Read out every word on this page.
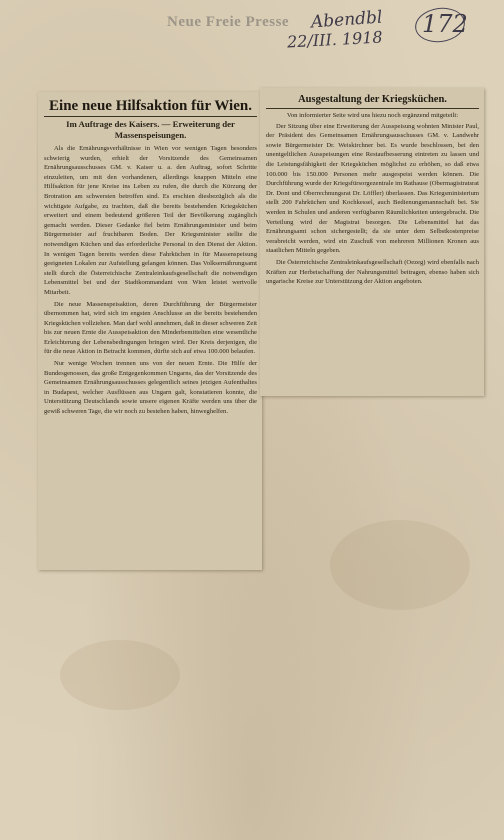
Neue Freie Presse Abendbl
22/III. 1918
172
Eine neue Hilfsaktion für Wien.
Im Auftrage des Kaisers. — Erweiterung der Massenspeisungen.

Als die Ernährungsverhältnisse in Wien vor wenigen Tagen besonders schwierig wurden, erhielt der Vorsitzende des Gemeinsamen Ernährungsausschusses GM. v. Kaiser u. a. den Auftrag, sofort Schritte einzuleiten, um mit den vorhandenen, allerdings knappen Mitteln eine Hilfsaktion für jene Kreise ins Leben zu rufen, die durch die Kürzung der Brotration am schwersten betroffen sind. Es erschien diesbezüglich als die wichtigste Aufgabe, zu trachten, daß die bereits bestehenden Kriegsküchen erweitert und einem bedeutend größeren Teil der Bevölkerung zugänglich gemacht werden. Dieser Gedanke fiel beim Ernährungsminister und beim Bürgermeister auf fruchtbaren Boden. Der Kriegsminister stellte die notwendigen Küchen und das erforderliche Personal in den Dienst der Aktion. In wenigen Tagen bereits werden diese Fahrküchen in für Massenspeisung geeigneten Lokalen zur Aufstellung gelangen können. Das Volksernährungsamt stellt durch die Österreichische Zentraleinkaufsgesellschaft die notwendigen Lebensmittel bei und der Stadtkommandant von Wien leistet wertvolle Mitarbeit.

Die neue Massenspeisaktion, deren Durchführung der Bürgermeister übernommen hat, wird sich im engsten Anschlusse an die bereits bestehenden Kriegsküchen vollziehen. Man darf wohl annehmen, daß in dieser schweren Zeit bis zur neuen Ernte die Ausspeisaktion den Minderbemittelten eine wesentliche Erleichterung der Lebensbedingungen bringen wird. Der Kreis derjenigen, die für die neue Aktion in Betracht kommen, dürfte sich auf etwa 100.000 belaufen.

Nur wenige Wochen trennen uns von der neuen Ernte. Die Hilfe der Bundesgenossen, das große Entgegenkommen Ungarns, das der Vorsitzende des Gemeinsamen Ernährungsausschusses gelegentlich seines jetzigen Aufenthaltes in Budapest, welcher Ausflüssen aus Ungarn galt, konstatieren konnte, die Unterstützung Deutschlands sowie unsere eigenen Kräfte werden uns über die gewiß schweren Tage, die wir noch zu bestehen haben, hinweghelfen.

Ausgestaltung der Kriegsküchen.
Von informierter Seite wird uns hiezu noch ergänzend mitgeteilt:

Der Sitzung über eine Erweiterung der Ausspeisung wohnten Minister Paul, der Präsident des Gemeinsamen Ernährungsausschusses GM. v. Landwehr sowie Bürgermeister Dr. Weiskirchner bei. Es wurde beschlossen, bei den unentgeltlichen Ausspeisungen eine Restaufbesserung eintreten zu lassen und die Leistungsfähigkeit der Kriegsküchen möglichst zu erhöhen, so daß etwa 100.000 bis 150.000 Personen mehr ausgespeist werden können. Die Durchführung wurde der Kriegsfürsorgezentrale im Rathause (Obermagistratsrat Dr. Dont und Oberrechnungsrat Dr. Löffler) überlassen. Das Kriegsministerium stellt 200 Fahrküchen und Kochkessel, auch Bedienungsmannschaft bei. Sie werden in Schulen und anderen verfügbaren Räumlichkeiten untergebracht. Die Verteilung wird der Magistrat besorgen. Die Lebensmittel hat das Ernährungsamt schon sichergestellt; da sie unter dem Selbstkostenpreise verabreicht werden, wird ein Zuschuß von mehreren Millionen Kronen aus staatlichen Mitteln gegeben.

Die Österreichische Zentraleinkaufsgesellschaft (Oezeg) wird ebenfalls nach Kräften zur Herbeischaffung der Nahrungsmittel beitragen, ebenso haben sich ungarische Kreise zur Unterstützung der Aktion angeboten.
